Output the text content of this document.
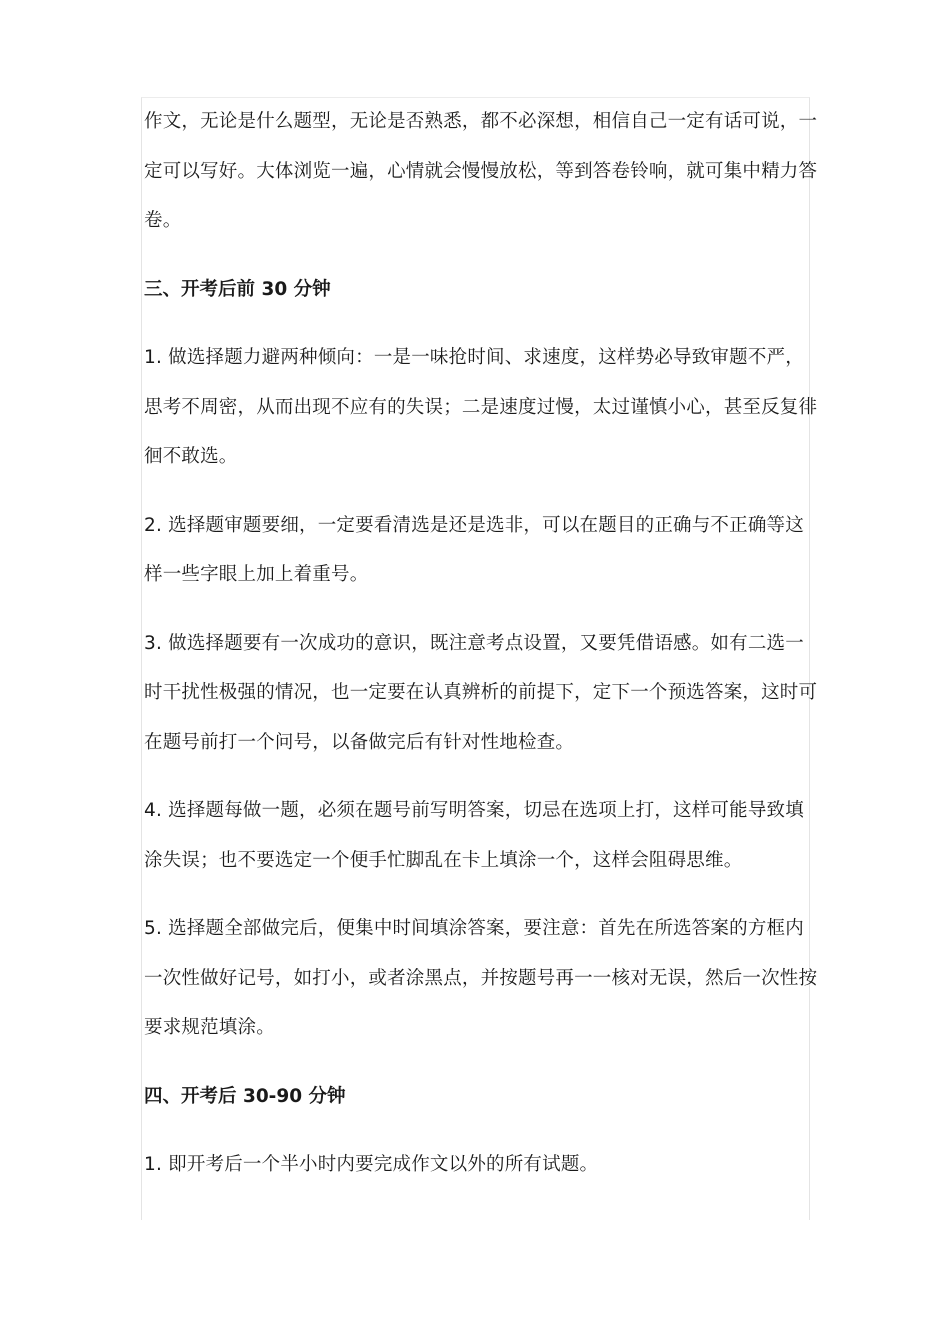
作文，无论是什么题型，无论是否熟悉，都不必深想，相信自己一定有话可说，一定可以写好。大体浏览一遍，心情就会慢慢放松，等到答卷铃响，就可集中精力答卷。

三、开考后前 30 分钟

1. 做选择题力避两种倾向：一是一味抢时间、求速度，这样势必导致审题不严，思考不周密，从而出现不应有的失误；二是速度过慢，太过谨慎小心，甚至反复徘徊不敢选。

2. 选择题审题要细，一定要看清选是还是选非，可以在题目的正确与不正确等这样一些字眼上加上着重号。

3. 做选择题要有一次成功的意识，既注意考点设置，又要凭借语感。如有二选一时干扰性极强的情况，也一定要在认真辨析的前提下，定下一个预选答案，这时可在题号前打一个问号，以备做完后有针对性地检查。

4. 选择题每做一题，必须在题号前写明答案，切忌在选项上打，这样可能导致填涂失误；也不要选定一个便手忙脚乱在卡上填涂一个，这样会阻碍思维。

5. 选择题全部做完后，便集中时间填涂答案，要注意：首先在所选答案的方框内一次性做好记号，如打小，或者涂黑点，并按题号再一一核对无误，然后一次性按要求规范填涂。

四、开考后 30-90 分钟

1. 即开考后一个半小时内要完成作文以外的所有试题。
